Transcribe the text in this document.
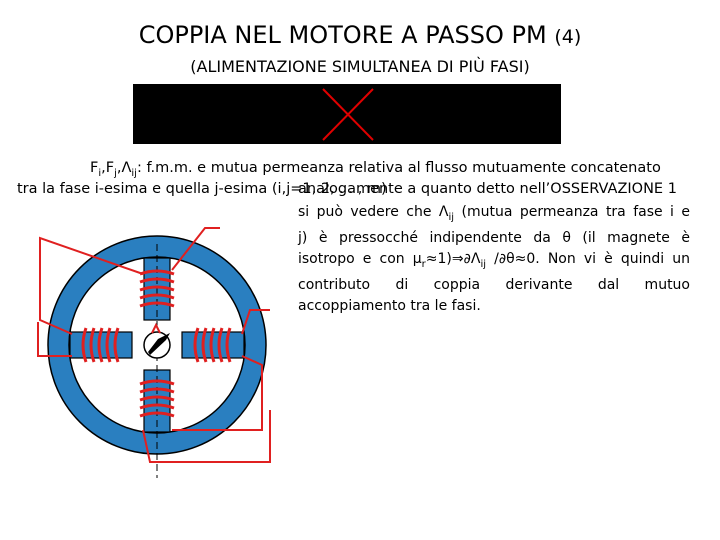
COPPIA NEL MOTORE A PASSO PM (4)
(ALIMENTAZIONE SIMULTANEA DI PIÙ FASI)
$F_i,F_j,\Lambda_{ij}$: f.m.m. e mutua permeanza relativa al flusso mutuamente concatenato
tra la fase i-esima e quella j-esima (i,j=1, 2, . . , m)
analogamente a quanto detto nell’OSSERVAZIONE 1
si può vedere che $\Lambda_{ij}$ (mutua permeanza tra fase i e
j) è pressocché indipendente da θ (il magnete è
isotropo e con $\mu_r\approx 1)\Rightarrow\partial\Lambda_{ij}$ /∂θ≈0. Non vi è quindi un
contributo di coppia derivante dal mutuo
accoppiamento tra le fasi.
